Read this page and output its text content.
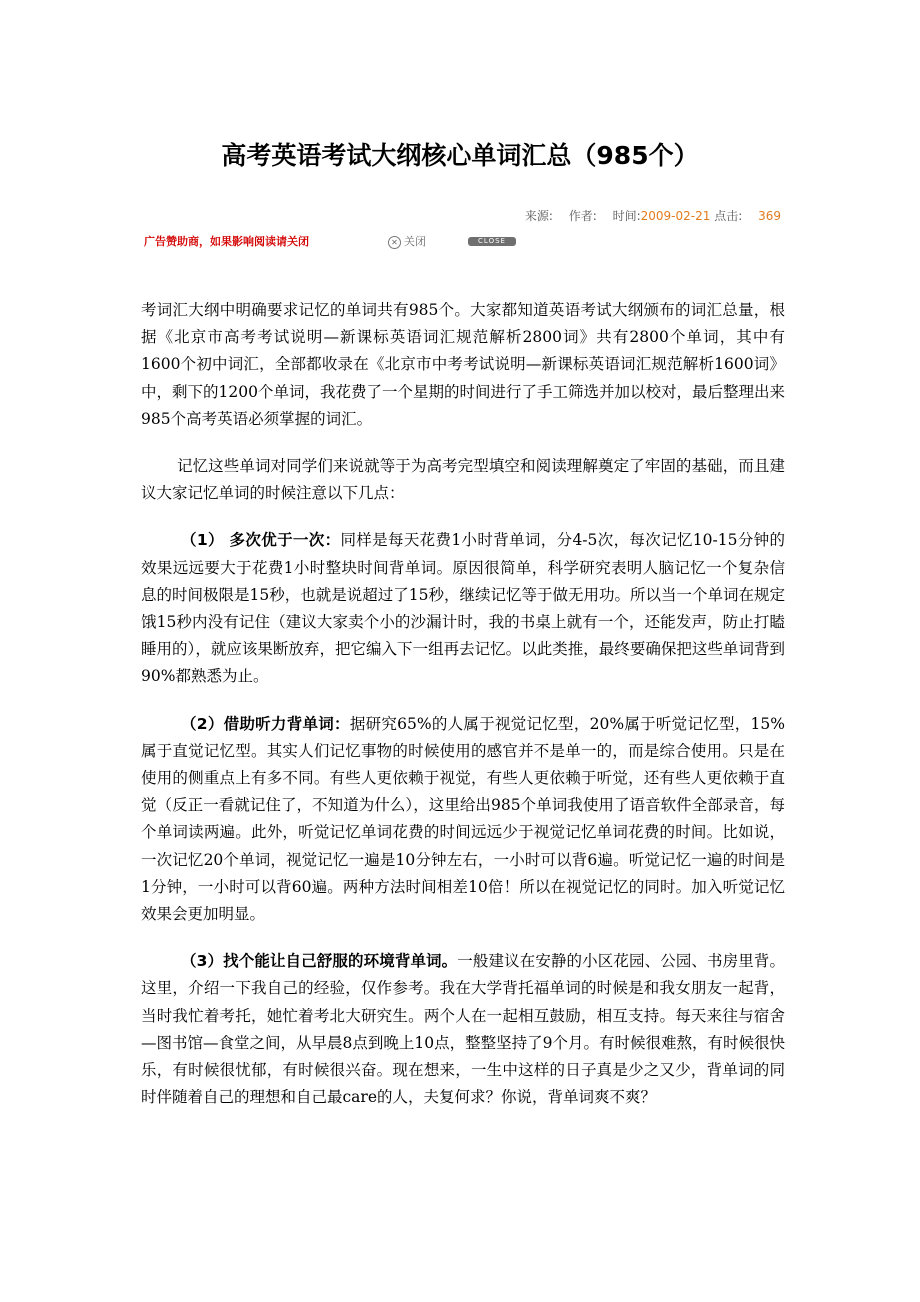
高考英语考试大纲核心单词汇总（985个）
来源: 作者: 时间:2009-02-21 点击: 369
广告赞助商，如果影响阅读请关闭	✕ 关闭	CLOSE

考词汇大纲中明确要求记忆的单词共有985个。大家都知道英语考试大纲颁布的词汇总量，根据《北京市高考考试说明—新课标英语词汇规范解析2800词》共有2800个单词，其中有1600个初中词汇，全部都收录在《北京市中考考试说明—新课标英语词汇规范解析1600词》中，剩下的1200个单词，我花费了一个星期的时间进行了手工筛选并加以校对，最后整理出来985个高考英语必须掌握的词汇。

记忆这些单词对同学们来说就等于为高考完型填空和阅读理解奠定了牢固的基础，而且建议大家记忆单词的时候注意以下几点：

（1） 多次优于一次：同样是每天花费1小时背单词，分4-5次，每次记忆10-15分钟的效果远远要大于花费1小时整块时间背单词。原因很简单，科学研究表明人脑记忆一个复杂信息的时间极限是15秒，也就是说超过了15秒，继续记忆等于做无用功。所以当一个单词在规定饿15秒内没有记住（建议大家卖个小的沙漏计时，我的书桌上就有一个，还能发声，防止打瞌睡用的），就应该果断放弃，把它编入下一组再去记忆。以此类推，最终要确保把这些单词背到90%都熟悉为止。

（2）借助听力背单词：据研究65%的人属于视觉记忆型，20%属于听觉记忆型，15%属于直觉记忆型。其实人们记忆事物的时候使用的感官并不是单一的，而是综合使用。只是在使用的侧重点上有多不同。有些人更依赖于视觉，有些人更依赖于听觉，还有些人更依赖于直觉（反正一看就记住了，不知道为什么），这里给出985个单词我使用了语音软件全部录音，每个单词读两遍。此外，听觉记忆单词花费的时间远远少于视觉记忆单词花费的时间。比如说，一次记忆20个单词，视觉记忆一遍是10分钟左右，一小时可以背6遍。听觉记忆一遍的时间是1分钟，一小时可以背60遍。两种方法时间相差10倍！所以在视觉记忆的同时。加入听觉记忆效果会更加明显。

（3）找个能让自己舒服的环境背单词。一般建议在安静的小区花园、公园、书房里背。这里，介绍一下我自己的经验，仅作参考。我在大学背托福单词的时候是和我女朋友一起背，当时我忙着考托，她忙着考北大研究生。两个人在一起相互鼓励，相互支持。每天来往与宿舍—图书馆—食堂之间，从早晨8点到晚上10点，整整坚持了9个月。有时候很难熬，有时候很快乐，有时候很忧郁，有时候很兴奋。现在想来，一生中这样的日子真是少之又少，背单词的同时伴随着自己的理想和自己最care的人，夫复何求？你说，背单词爽不爽？
